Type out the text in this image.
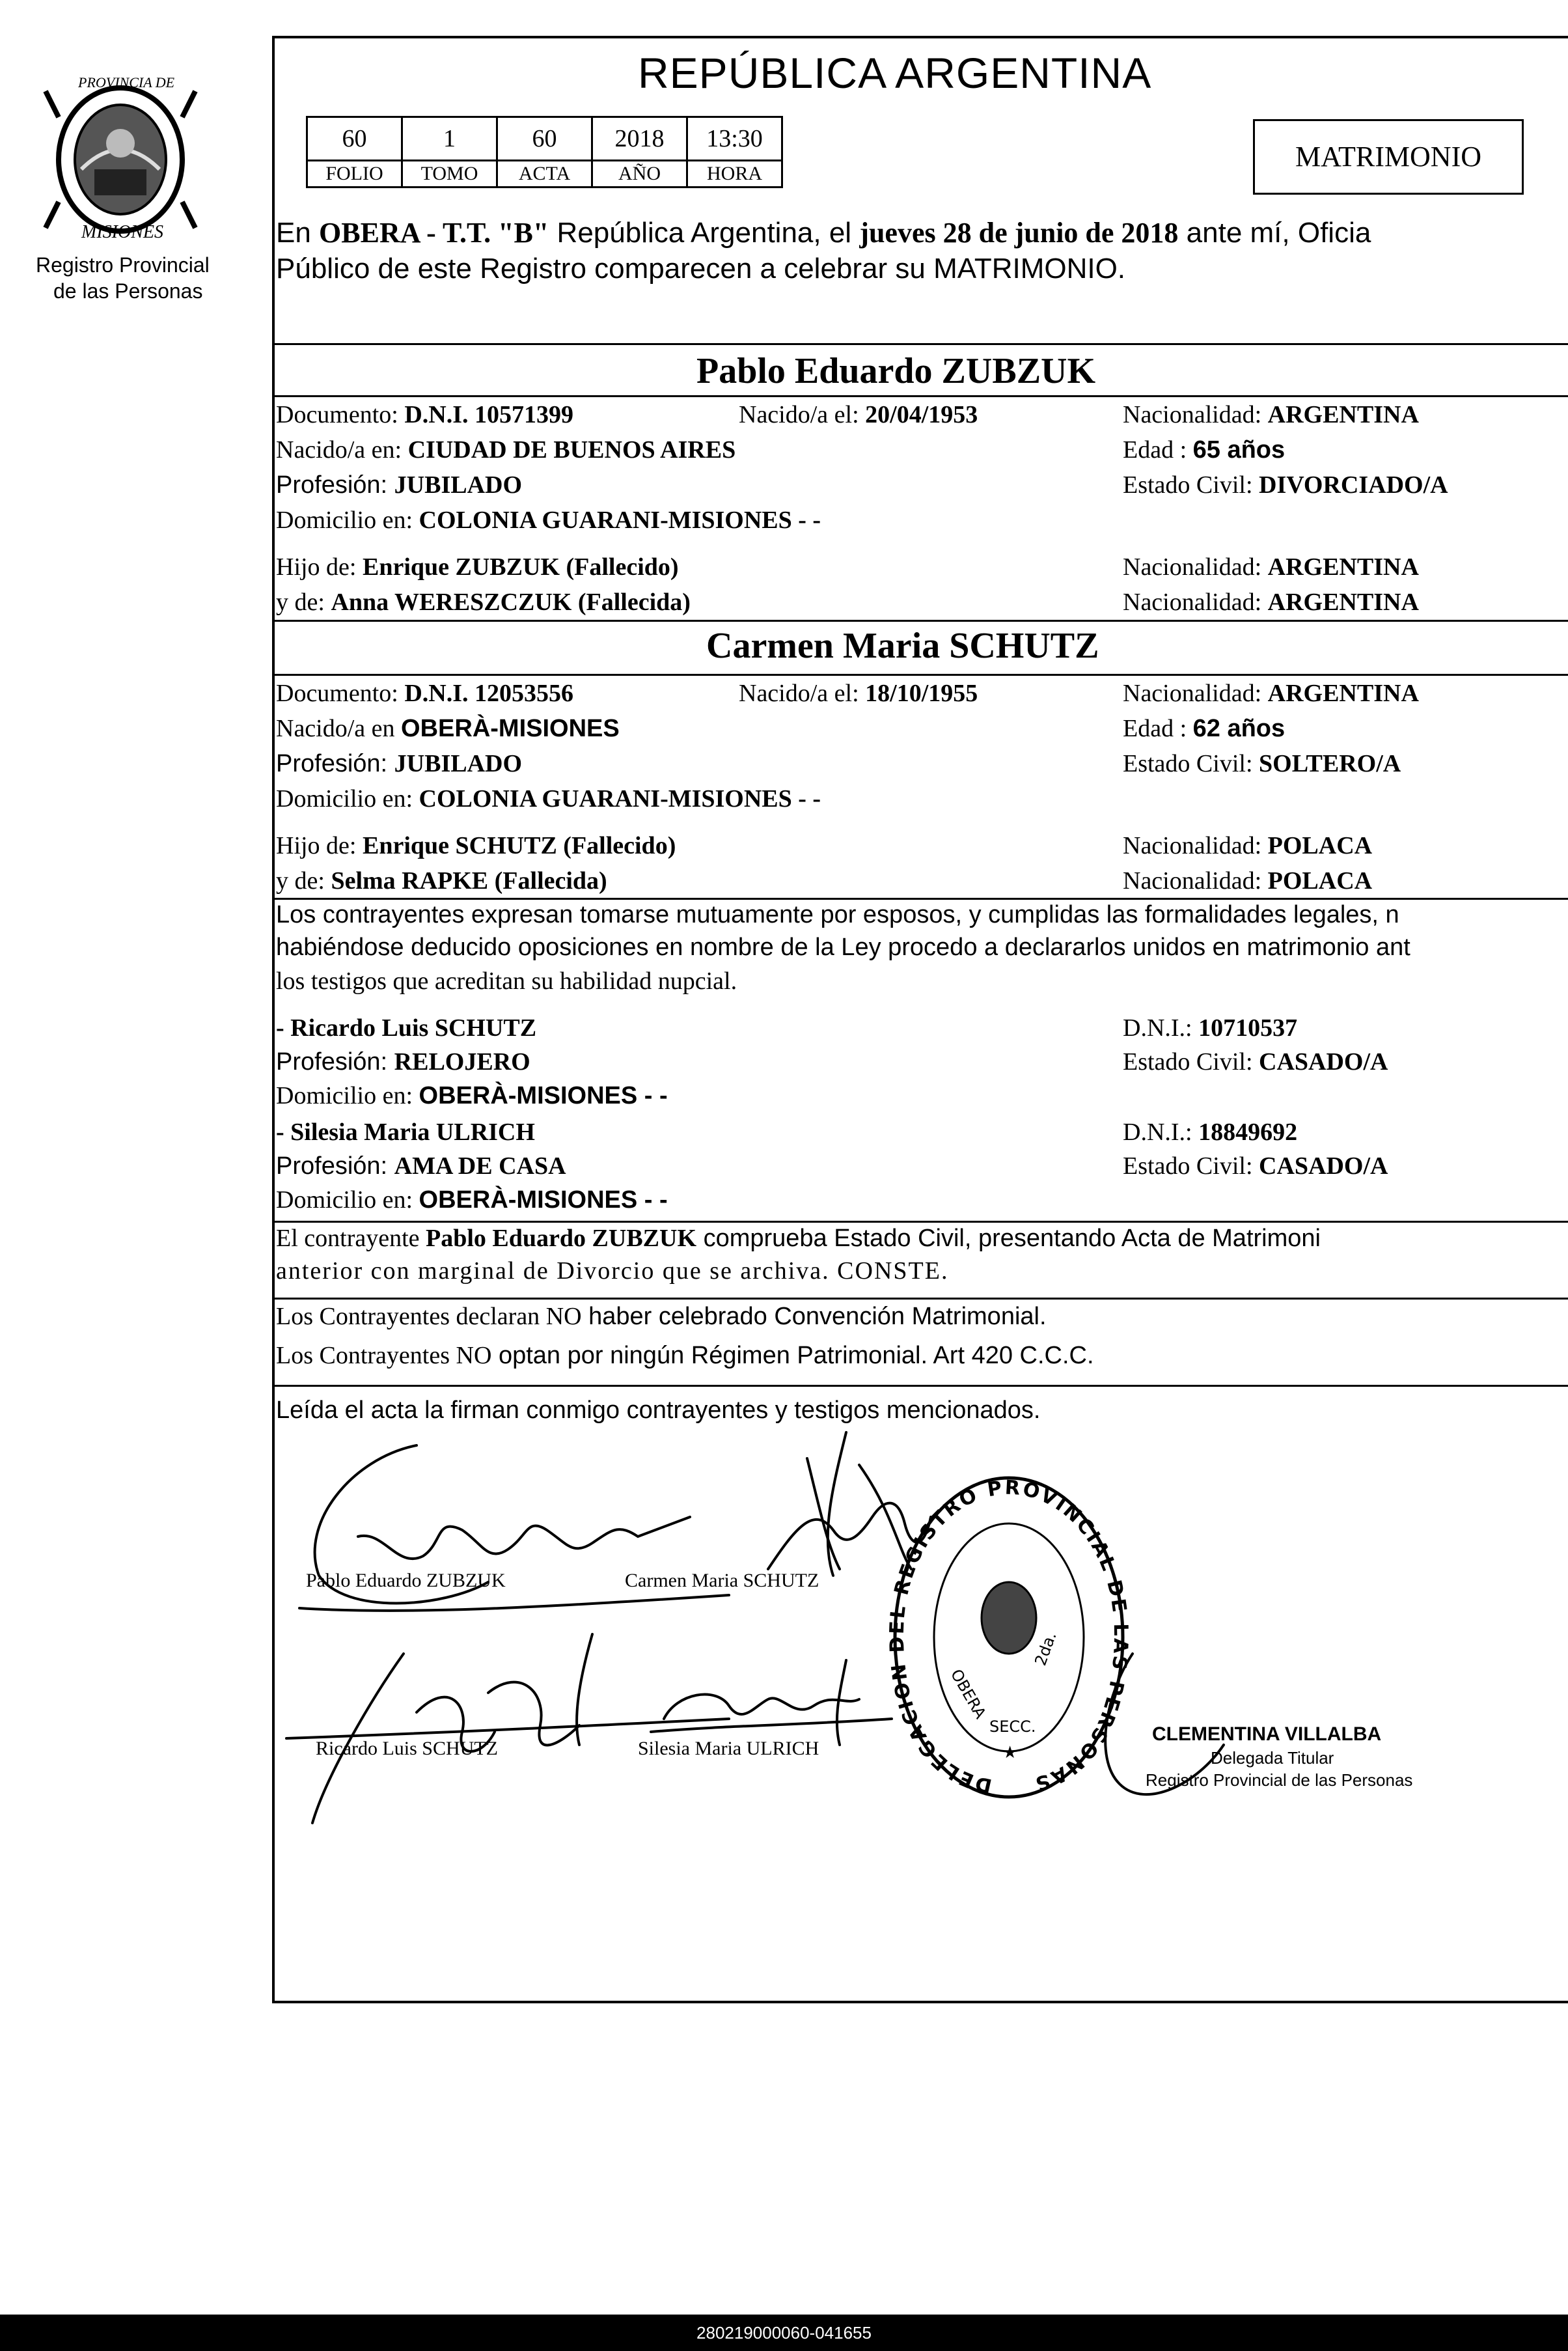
PROVINCIA DE
MISIONES
Registro Provincial
de las Personas
REPÚBLICA ARGENTINA
60	1	60	2018	13:30
FOLIO	TOMO	ACTA	AÑO	HORA
MATRIMONIO
En OBERA - T.T. "B" República Argentina, el jueves 28 de junio de 2018 ante mí, Oficia
Público de este Registro comparecen a celebrar su MATRIMONIO.
Pablo Eduardo ZUBZUK
Documento: D.N.I. 10571399	Nacido/a el: 20/04/1953	Nacionalidad: ARGENTINA
Nacido/a en: CIUDAD DE BUENOS AIRES	Edad : 65 años
Profesión: JUBILADO	Estado Civil: DIVORCIADO/A
Domicilio en: COLONIA GUARANI-MISIONES - -
Hijo de: Enrique ZUBZUK (Fallecido)	Nacionalidad: ARGENTINA
y de: Anna WERESZCZUK (Fallecida)	Nacionalidad: ARGENTINA
Carmen Maria SCHUTZ
Documento: D.N.I. 12053556	Nacido/a el: 18/10/1955	Nacionalidad: ARGENTINA
Nacido/a en OBERÀ-MISIONES	Edad : 62 años
Profesión: JUBILADO	Estado Civil: SOLTERO/A
Domicilio en: COLONIA GUARANI-MISIONES - -
Hijo de: Enrique SCHUTZ (Fallecido)	Nacionalidad: POLACA
y de: Selma RAPKE (Fallecida)	Nacionalidad: POLACA
Los contrayentes expresan tomarse mutuamente por esposos, y cumplidas las formalidades legales, n
habiéndose deducido oposiciones en nombre de la Ley procedo a declararlos unidos en matrimonio ant
los testigos que acreditan su habilidad nupcial.
- Ricardo Luis SCHUTZ	D.N.I.: 10710537
Profesión: RELOJERO	Estado Civil: CASADO/A
Domicilio en: OBERÀ-MISIONES - -
- Silesia Maria ULRICH	D.N.I.: 18849692
Profesión: AMA DE CASA	Estado Civil: CASADO/A
Domicilio en: OBERÀ-MISIONES - -
El contrayente Pablo Eduardo ZUBZUK comprueba Estado Civil, presentando Acta de Matrimoni
anterior con marginal de Divorcio que se archiva. CONSTE.
Los Contrayentes declaran NO haber celebrado Convención Matrimonial.
Los Contrayentes NO optan por ningún Régimen Patrimonial. Art 420 C.C.C.
Leída el acta la firman conmigo contrayentes y testigos mencionados.
Pablo Eduardo ZUBZUK	Carmen Maria SCHUTZ
Ricardo Luis SCHUTZ	Silesia Maria ULRICH
DELEGACION DEL REGISTRO PROVINCIAL DE LAS PERSONAS
OBERA
2da.
SECC.
★
CLEMENTINA VILLALBA
Delegada Titular
Registro Provincial de las Personas
280219000060-041655
